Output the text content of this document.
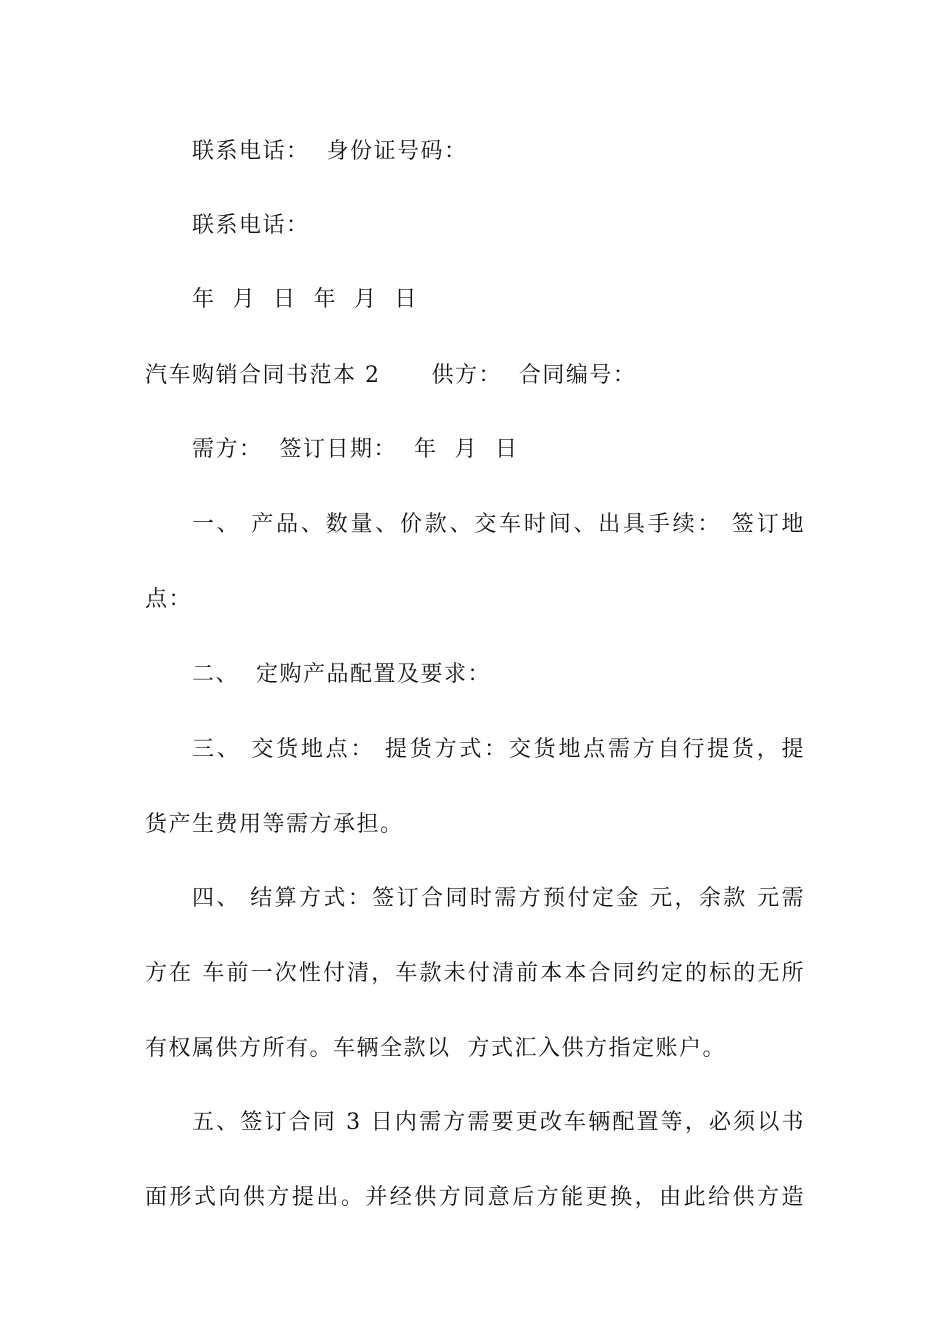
联系电话：  身份证号码：
联系电话：
年  月  日  年  月  日
汽车购销合同书范本 2      供方：  合同编号：
需方：  签订日期：  年  月  日
一、 产品、数量、价款、交车时间、出具手续： 签订地
点：
二、  定购产品配置及要求：
三、 交货地点： 提货方式：交货地点需方自行提货，提
货产生费用等需方承担。
四、 结算方式：签订合同时需方预付定金 元，余款 元需
方在 车前一次性付清，车款未付清前本本合同约定的标的无所
有权属供方所有。车辆全款以  方式汇入供方指定账户。
五、签订合同 3 日内需方需要更改车辆配置等，必须以书
面形式向供方提出。并经供方同意后方能更换，由此给供方造
